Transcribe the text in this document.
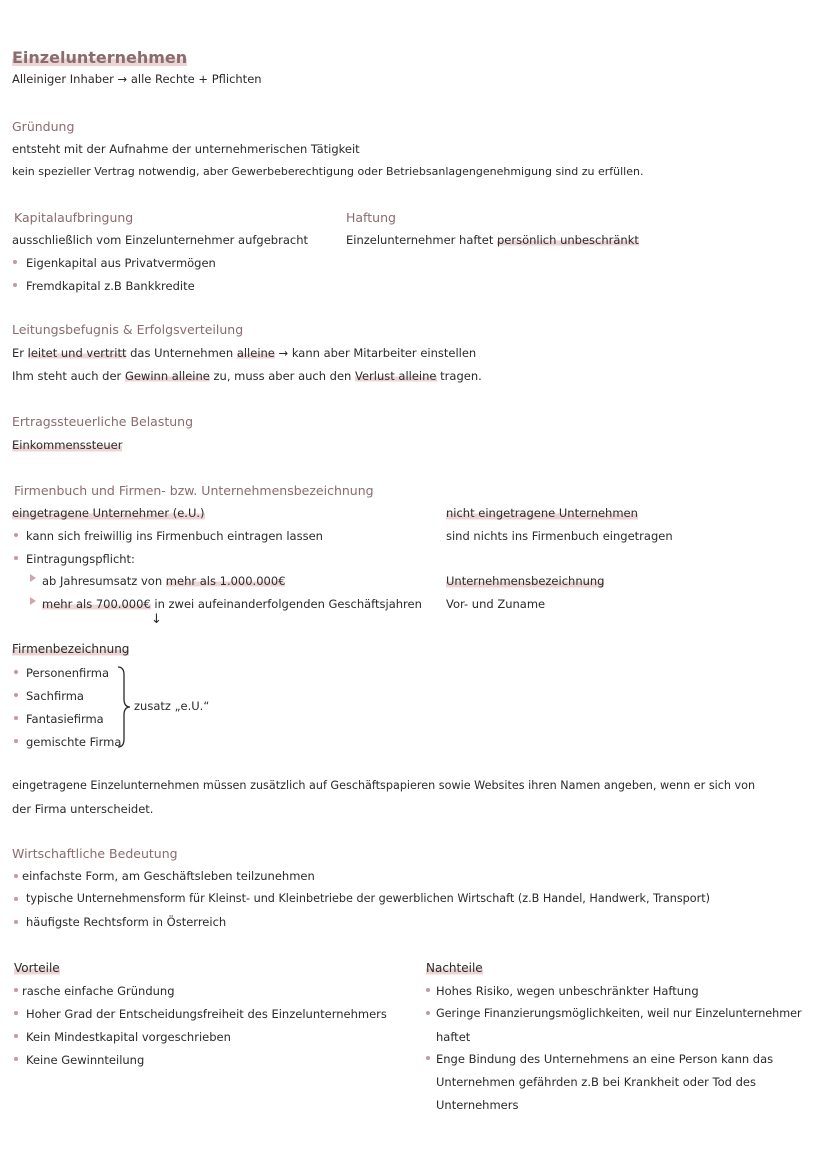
Einzelunternehmen
Alleiniger Inhaber → alle Rechte + Pflichten
Gründung
entsteht mit der Aufnahme der unternehmerischen Tätigkeit
kein spezieller Vertrag notwendig, aber Gewerbeberechtigung oder Betriebsanlagengenehmigung sind zu erfüllen.
Kapitalaufbringung
ausschließlich vom Einzelunternehmer aufgebracht
Eigenkapital aus Privatvermögen
Fremdkapital z.B Bankkredite
Haftung
Einzelunternehmer haftet persönlich unbeschränkt
Leitungsbefugnis & Erfolgsverteilung
Er leitet und vertritt das Unternehmen alleine → kann aber Mitarbeiter einstellen
Ihm steht auch der Gewinn alleine zu, muss aber auch den Verlust alleine tragen.
Ertragssteuerliche Belastung
Einkommenssteuer
Firmenbuch und Firmen- bzw. Unternehmensbezeichnung
eingetragene Unternehmer (e.U.)
kann sich freiwillig ins Firmenbuch eintragen lassen
Eintragungspflicht:
ab Jahresumsatz von mehr als 1.000.000€
mehr als 700.000€ in zwei aufeinanderfolgenden Geschäftsjahren
↓
nicht eingetragene Unternehmen
sind nichts ins Firmenbuch eingetragen
Unternehmensbezeichnung
Vor- und Zuname
Firmenbezeichnung
Personenfirma
Sachfirma
Fantasiefirma
gemischte Firma
zusatz „e.U.“
eingetragene Einzelunternehmen müssen zusätzlich auf Geschäftspapieren sowie Websites ihren Namen angeben, wenn er sich von
der Firma unterscheidet.
Wirtschaftliche Bedeutung
einfachste Form, am Geschäftsleben teilzunehmen
typische Unternehmensform für Kleinst- und Kleinbetriebe der gewerblichen Wirtschaft (z.B Handel, Handwerk, Transport)
häufigste Rechtsform in Österreich
Vorteile
rasche einfache Gründung
Hoher Grad der Entscheidungsfreiheit des Einzelunternehmers
Kein Mindestkapital vorgeschrieben
Keine Gewinnteilung
Nachteile
Hohes Risiko, wegen unbeschränkter Haftung
Geringe Finanzierungsmöglichkeiten, weil nur Einzelunternehmer
haftet
Enge Bindung des Unternehmens an eine Person kann das
Unternehmen gefährden z.B bei Krankheit oder Tod des
Unternehmers
